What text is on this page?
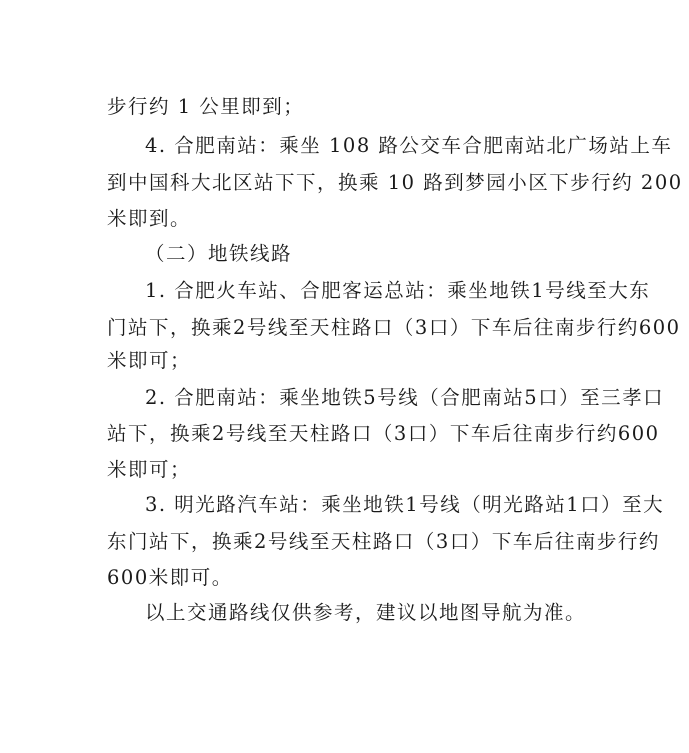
步行约 1 公里即到；
4. 合肥南站：乘坐 108 路公交车合肥南站北广场站上车
到中国科大北区站下下，换乘 10 路到梦园小区下步行约 200
米即到。
（二）地铁线路
1. 合肥火车站、合肥客运总站：乘坐地铁1号线至大东
门站下，换乘2号线至天柱路口（3口）下车后往南步行约600
米即可；
2. 合肥南站：乘坐地铁5号线（合肥南站5口）至三孝口
站下，换乘2号线至天柱路口（3口）下车后往南步行约600
米即可；
3. 明光路汽车站：乘坐地铁1号线（明光路站1口）至大
东门站下，换乘2号线至天柱路口（3口）下车后往南步行约
600米即可。
以上交通路线仅供参考，建议以地图导航为准。
